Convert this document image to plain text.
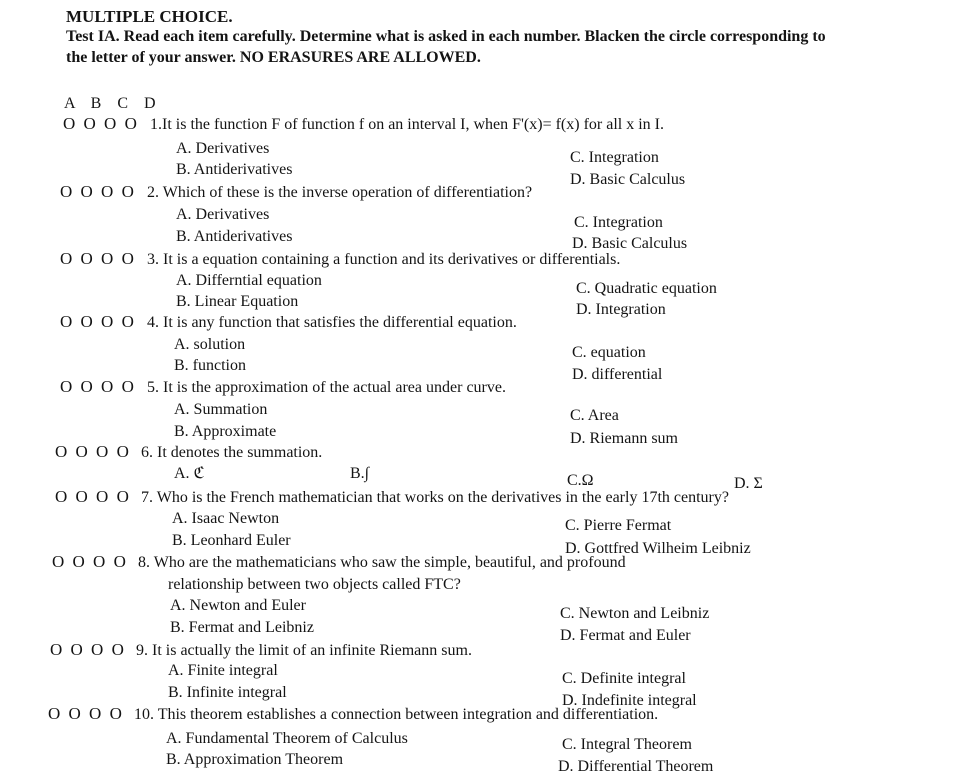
MULTIPLE CHOICE.
Test IA. Read each item carefully. Determine what is asked in each number. Blacken the circle corresponding to
the letter of your answer. NO ERASURES ARE ALLOWED.
A B C D
O O O O 1.It is the function F of function f on an interval I, when F'(x)= f(x) for all x in I.
A. Derivatives
B. Antiderivatives
C. Integration
D. Basic Calculus
O O O O 2. Which of these is the inverse operation of differentiation?
A. Derivatives
B. Antiderivatives
C. Integration
D. Basic Calculus
O O O O 3. It is a equation containing a function and its derivatives or differentials.
A. Differntial equation
B. Linear Equation
C. Quadratic equation
D. Integration
O O O O 4. It is any function that satisfies the differential equation.
A. solution
B. function
C. equation
D. differential
O O O O 5. It is the approximation of the actual area under curve.
A. Summation
B. Approximate
C. Area
D. Riemann sum
O O O O 6. It denotes the summation.
A. ℭ	B.∫	C.Ω	D. Σ
O O O O 7. Who is the French mathematician that works on the derivatives in the early 17th century?
A. Isaac Newton
B. Leonhard Euler
C. Pierre Fermat
D. Gottfred Wilheim Leibniz
O O O O 8. Who are the mathematicians who saw the simple, beautiful, and profound
relationship between two objects called FTC?
A. Newton and Euler
B. Fermat and Leibniz
C. Newton and Leibniz
D. Fermat and Euler
O O O O 9. It is actually the limit of an infinite Riemann sum.
A. Finite integral
B. Infinite integral
C. Definite integral
D. Indefinite integral
O O O O 10. This theorem establishes a connection between integration and differentiation.
A. Fundamental Theorem of Calculus
B. Approximation Theorem
C. Integral Theorem
D. Differential Theorem
